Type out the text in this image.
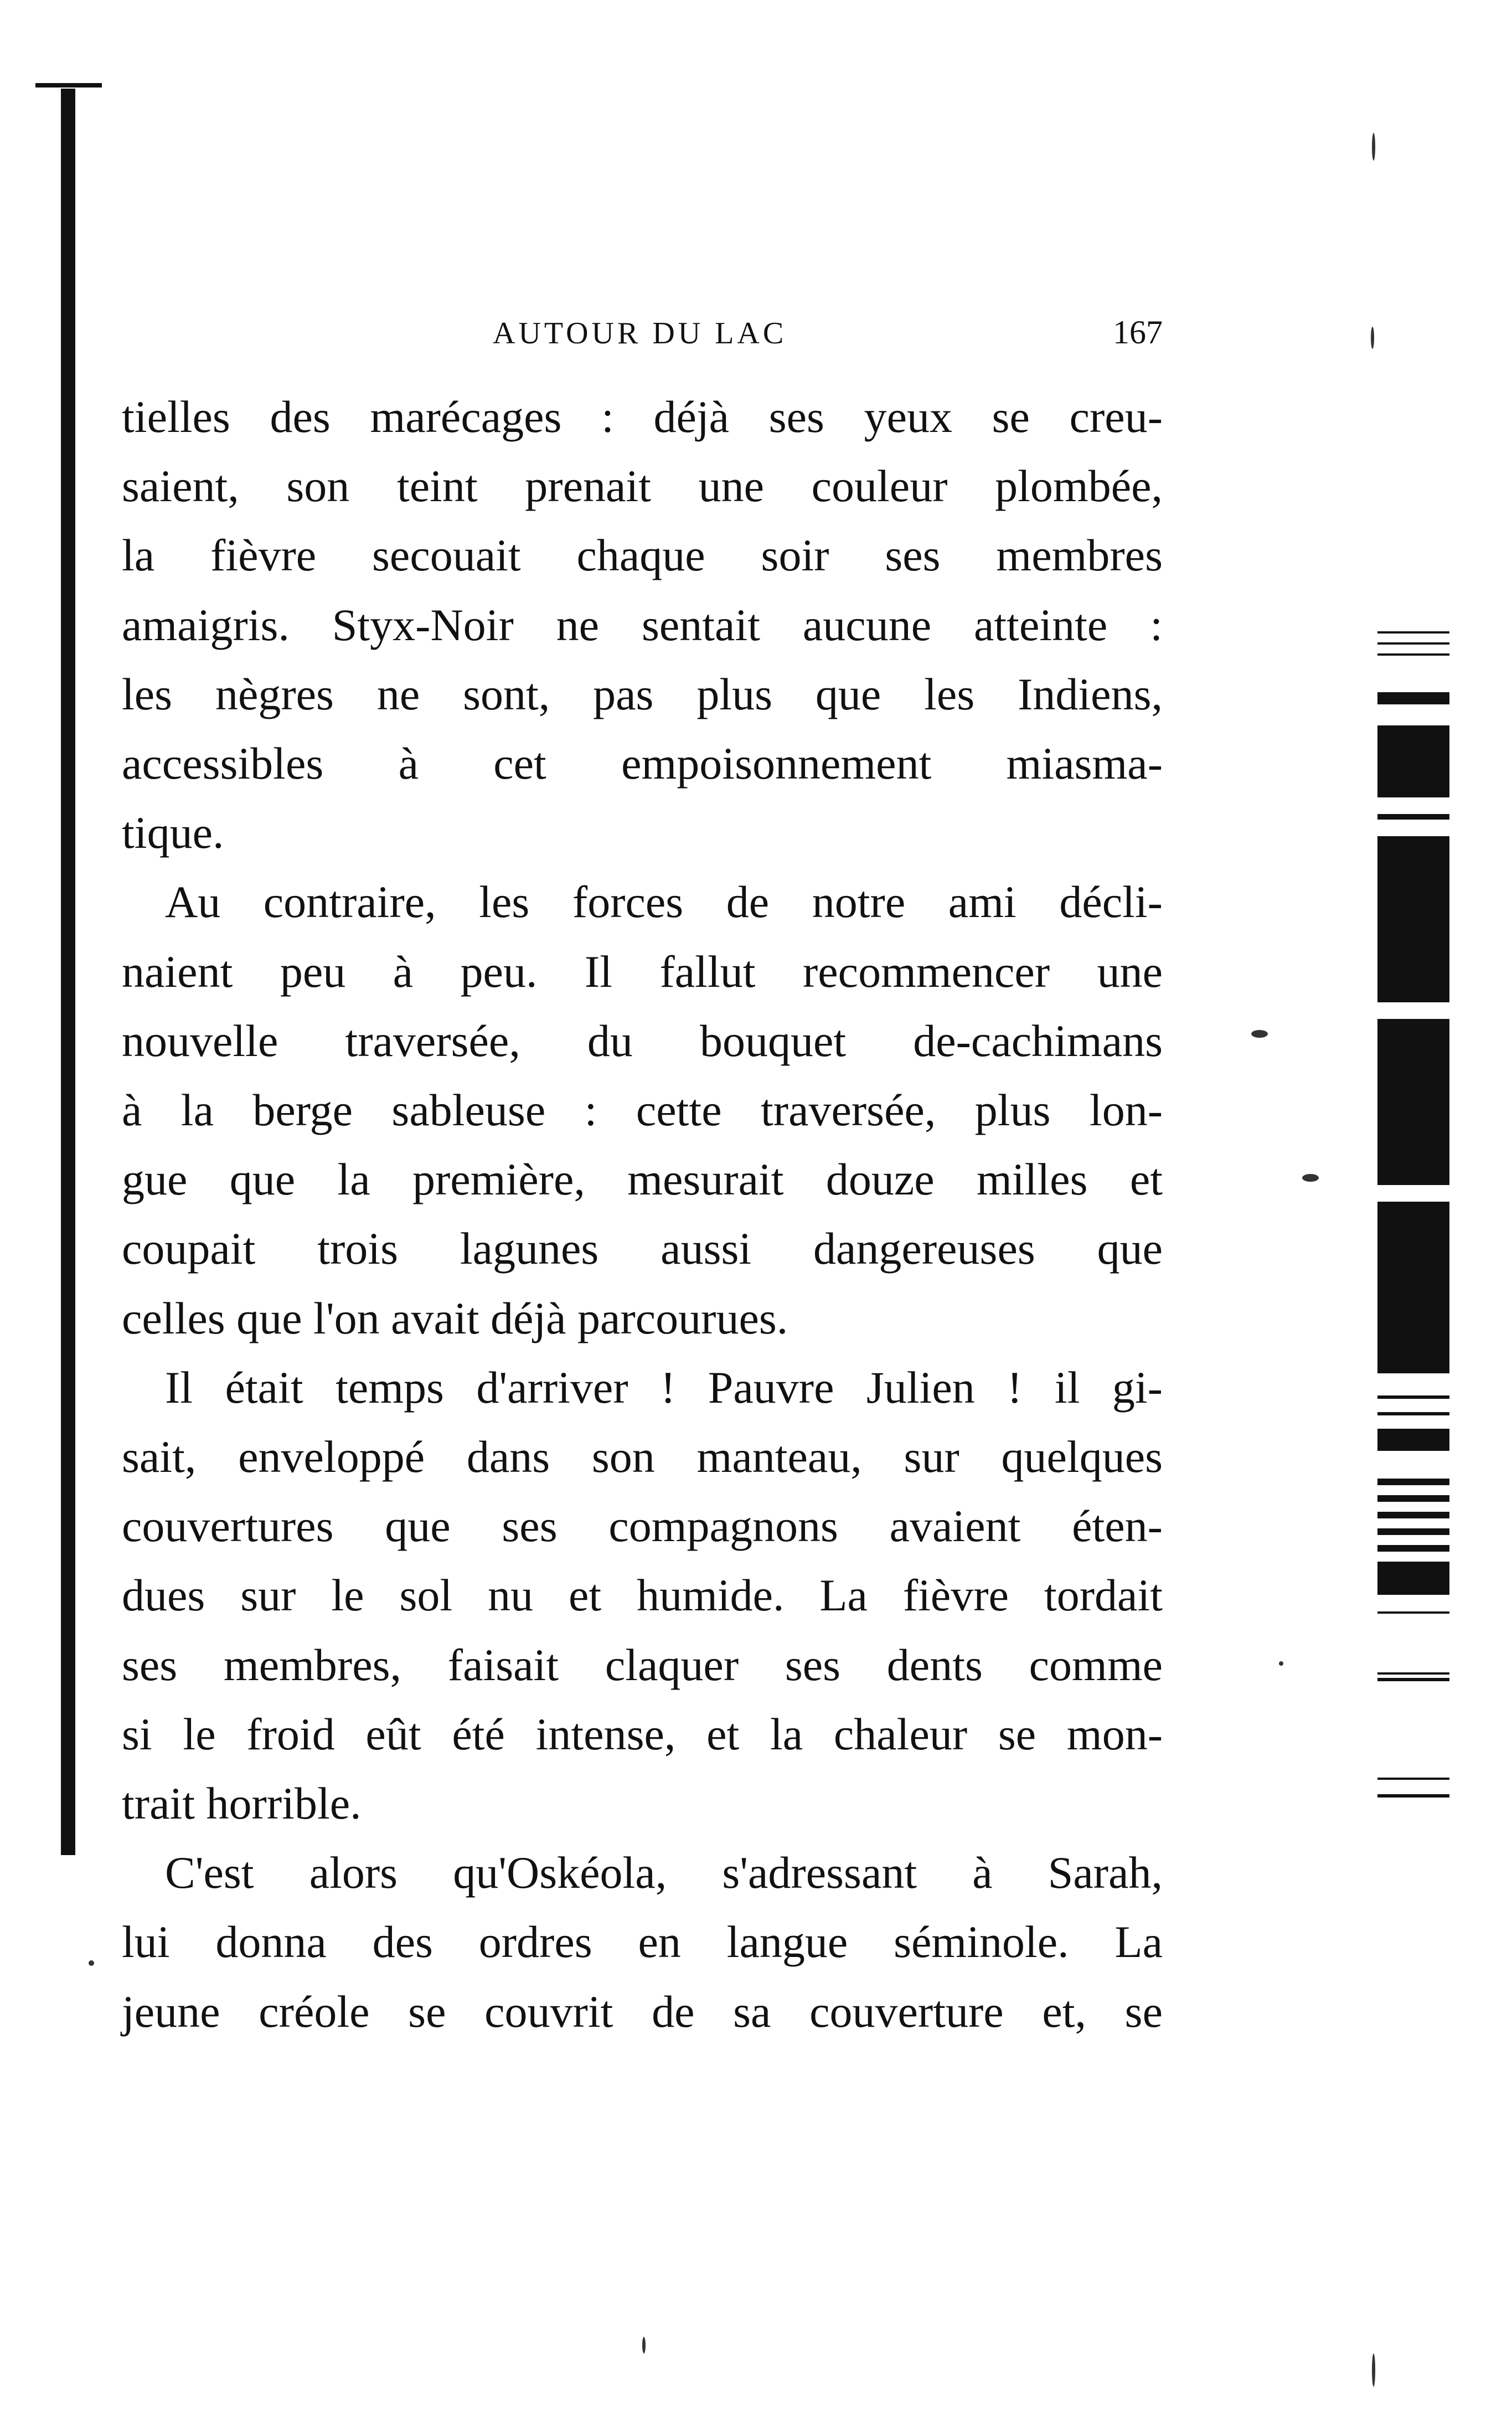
AUTOUR DU LAC	167
tielles des marécages : déjà ses yeux se creu-
saient, son teint prenait une couleur plombée,
la fièvre secouait chaque soir ses membres
amaigris. Styx-Noir ne sentait aucune atteinte :
les nègres ne sont, pas plus que les Indiens,
accessibles à cet empoisonnement miasma-
tique.
Au contraire, les forces de notre ami décli-
naient peu à peu. Il fallut recommencer une
nouvelle traversée, du bouquet de-cachimans
à la berge sableuse : cette traversée, plus lon-
gue que la première, mesurait douze milles et
coupait trois lagunes aussi dangereuses que
celles que l'on avait déjà parcourues.
Il était temps d'arriver ! Pauvre Julien ! il gi-
sait, enveloppé dans son manteau, sur quelques
couvertures que ses compagnons avaient éten-
dues sur le sol nu et humide. La fièvre tordait
ses membres, faisait claquer ses dents comme
si le froid eût été intense, et la chaleur se mon-
trait horrible.
C'est alors qu'Oskéola, s'adressant à Sarah,
lui donna des ordres en langue séminole. La
jeune créole se couvrit de sa couverture et, se
